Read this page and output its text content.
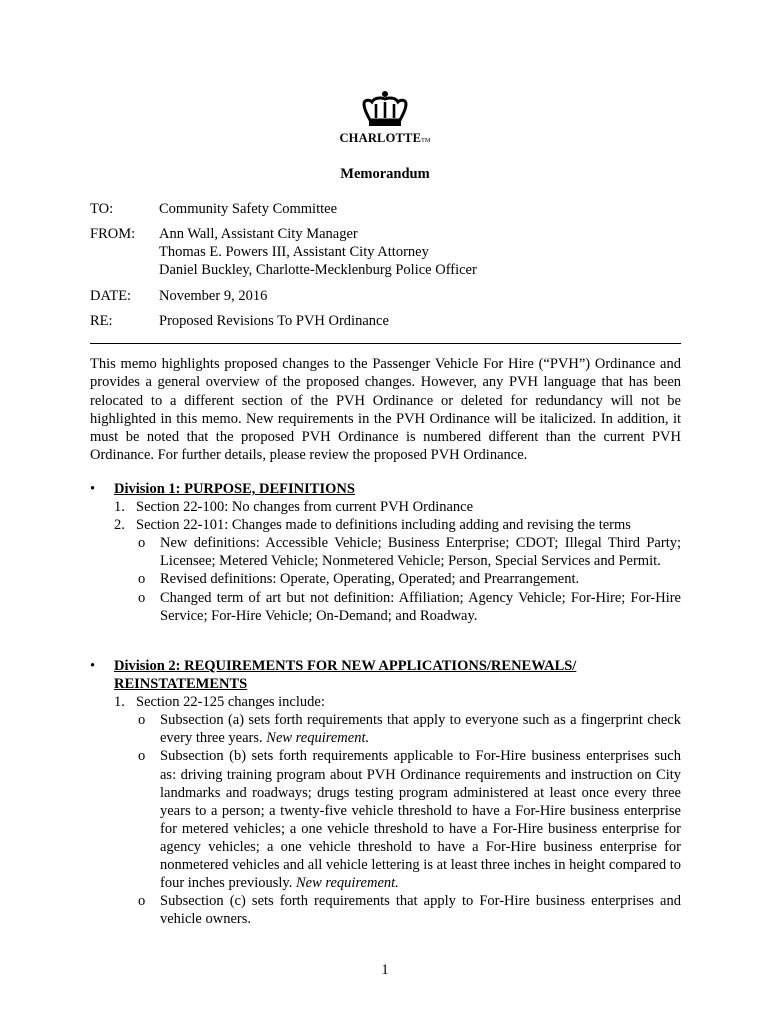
CHARLOTTETM
Memorandum
TO:	Community Safety Committee
FROM:	Ann Wall, Assistant City Manager
Thomas E. Powers III, Assistant City Attorney
Daniel Buckley, Charlotte-Mecklenburg Police Officer
DATE:	November 9, 2016
RE:	Proposed Revisions To PVH Ordinance
This memo highlights proposed changes to the Passenger Vehicle For Hire (“PVH”) Ordinance and provides a general overview of the proposed changes. However, any PVH language that has been relocated to a different section of the PVH Ordinance or deleted for redundancy will not be highlighted in this memo. New requirements in the PVH Ordinance will be italicized. In addition, it must be noted that the proposed PVH Ordinance is numbered different than the current PVH Ordinance. For further details, please review the proposed PVH Ordinance.
• Division 1: PURPOSE, DEFINITIONS
1. Section 22-100: No changes from current PVH Ordinance
2. Section 22-101: Changes made to definitions including adding and revising the terms
o New definitions: Accessible Vehicle; Business Enterprise; CDOT; Illegal Third Party; Licensee; Metered Vehicle; Nonmetered Vehicle; Person, Special Services and Permit.
o Revised definitions: Operate, Operating, Operated; and Prearrangement.
o Changed term of art but not definition: Affiliation; Agency Vehicle; For-Hire; For-Hire Service; For-Hire Vehicle; On-Demand; and Roadway.
• Division 2: REQUIREMENTS FOR NEW APPLICATIONS/RENEWALS/
REINSTATEMENTS
1. Section 22-125 changes include:
o Subsection (a) sets forth requirements that apply to everyone such as a fingerprint check every three years. New requirement.
o Subsection (b) sets forth requirements applicable to For-Hire business enterprises such as: driving training program about PVH Ordinance requirements and instruction on City landmarks and roadways; drugs testing program administered at least once every three years to a person; a twenty-five vehicle threshold to have a For-Hire business enterprise for metered vehicles; a one vehicle threshold to have a For-Hire business enterprise for agency vehicles; a one vehicle threshold to have a For-Hire business enterprise for nonmetered vehicles and all vehicle lettering is at least three inches in height compared to four inches previously. New requirement.
o Subsection (c) sets forth requirements that apply to For-Hire business enterprises and vehicle owners.
1
